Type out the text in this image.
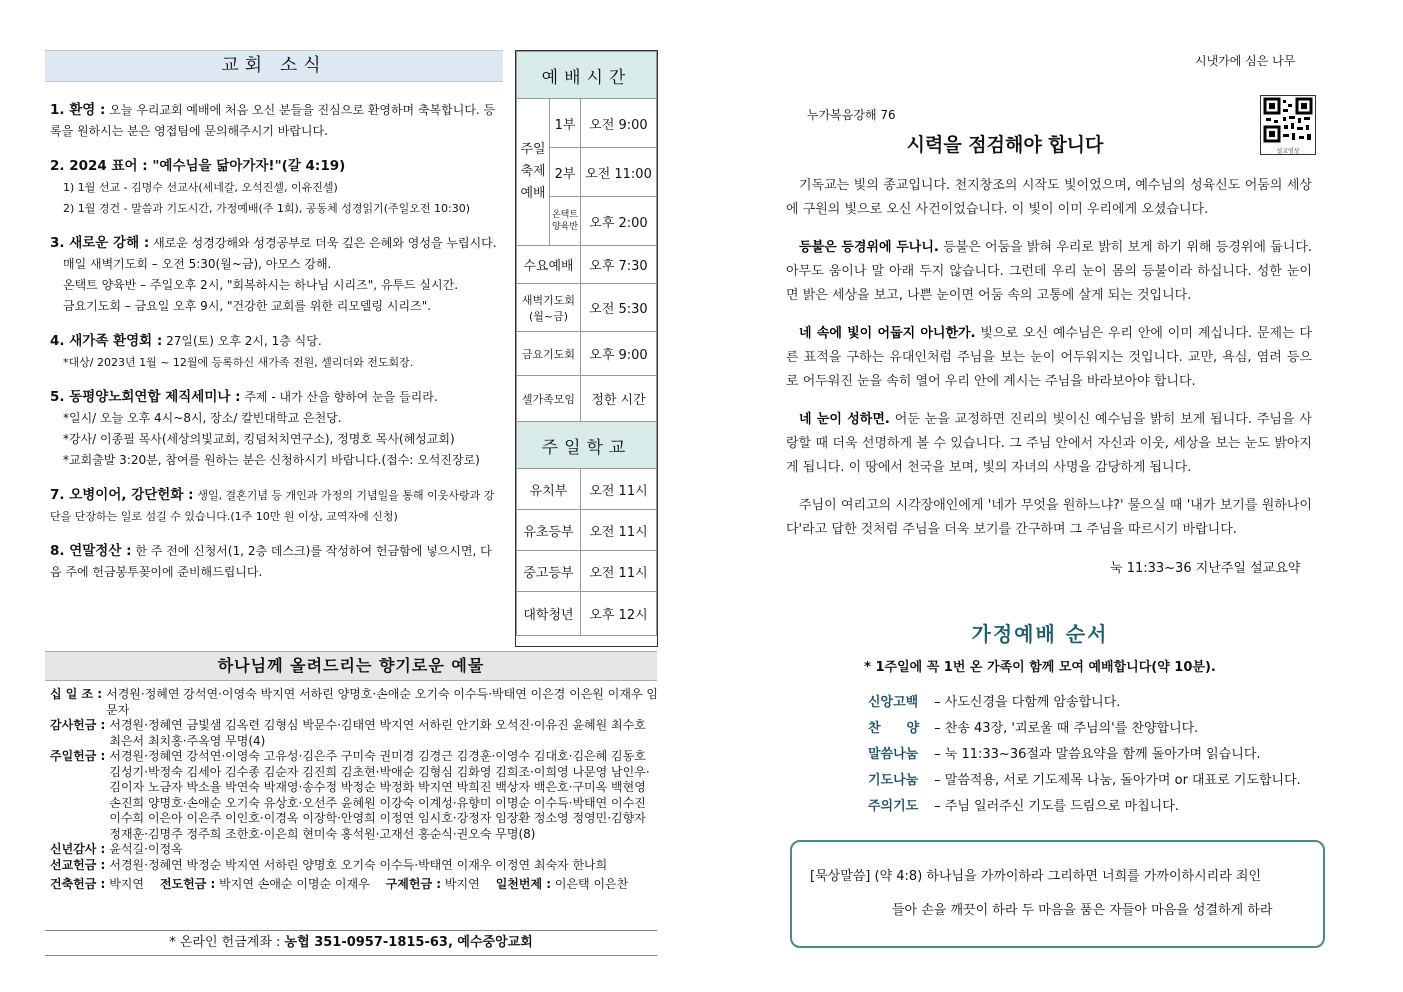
교회 소식
1. 환영 : 오늘 우리교회 예배에 처음 오신 분들을 진심으로 환영하며 축복합니다. 등록을 원하시는 분은 영접팀에 문의해주시기 바랍니다.
2. 2024 표어 : "예수님을 닮아가자!"(갈 4:19)
1) 1월 선교 - 김명수 선교사(세네갈, 오석진셀, 이유진셀)
2) 1월 경건 - 말씀과 기도시간, 가정예배(주 1회), 공동체 성경읽기(주일오전 10:30)
3. 새로운 강해 : 새로운 성경강해와 성경공부로 더욱 깊은 은혜와 영성을 누립시다.
매일 새벽기도회 – 오전 5:30(월~금), 아모스 강해.
온택트 양육반 – 주일오후 2시, "회복하시는 하나님 시리즈", 유투드 실시간.
금요기도회 – 금요일 오후 9시, "건강한 교회를 위한 리모델링 시리즈".
4. 새가족 환영회 : 27일(토) 오후 2시, 1층 식당.
*대상/ 2023년 1월 ~ 12월에 등록하신 새가족 전원, 셀리더와 전도회장.
5. 동평양노회연합 제직세미나 : 주제 - 내가 산을 향하여 눈을 들리라.
*일시/ 오늘 오후 4시~8시, 장소/ 칼빈대학교 은천당.
*강사/ 이종필 목사(세상의빛교회, 킹덤처치연구소), 정명호 목사(혜성교회)
*교회출발 3:20분, 참여를 원하는 분은 신청하시기 바랍니다.(접수: 오석진장로)
7. 오병이어, 강단헌화 : 생일, 결혼기념 등 개인과 가정의 기념일을 통해 이웃사랑과 강단을 단장하는 일로 섬길 수 있습니다.(1주 10만 원 이상, 교역자에 신청)
8. 연말정산 : 한 주 전에 신청서(1, 2층 데스크)를 작성하여 헌금함에 넣으시면, 다음 주에 헌금봉투꽂이에 준비해드립니다.
예배시간		
주일 축제 예배	1부	오전 9:00
	2부	오전 11:00
	온택트 양육반	오후 2:00
수요예배		오후 7:30
새벽기도회 (월~금)		오전 5:30
금요기도회		오후 9:00
셀가족모임		정한 시간
주일학교		
유치부		오전 11시
유초등부		오전 11시
중고등부		오전 11시
대학청년		오후 12시
하나님께 올려드리는 향기로운 예물
십 일 조 : 서경원·정혜연 강석연·이영숙 박지연 서하린 양명호·손애순 오기숙 이수득·박태연 이은경 이은원 이재우 임문자
감사헌금 : 서경원·정혜연 금빛샘 김옥련 김형심 박문수·김태연 박지연 서하린 안기화 오석진·이유진 윤혜원 최수호 최은서 최치홍·주옥영 무명(4)
주일헌금 : 서경원·정혜연 강석연·이영숙 고유성·김은주 구미숙 권미경 김경근 김경훈·이영수 김대호·김은혜 김동호 김성기·박정숙 김세아 김수종 김순자 김진희 김초현·박애순 김형심 김화영 김희조·이희영 나문영 남인우·김이자 노금자 박소율 박연숙 박재영·송수정 박정순 박정화 박지연 박희진 백상자 백은호·구미옥 백현영 손진희 양명호·손애순 오기숙 유상호·오선주 윤혜원 이강숙 이계성·유향미 이명순 이수득·박태연 이수진 이수희 이은아 이은주 이인호·이경옥 이장학·안영희 이정연 임시호·강정자 임장환 정소영 정영민·김향자 정재훈·김명주 정주희 조한호·이은희 현미숙 홍석원·고재선 홍순식·권오숙 무명(8)
신년감사 : 윤석길·이정옥
선교헌금 : 서경원·정혜연 박정순 박지연 서하린 양명호 오기숙 이수득·박태연 이재우 이정연 최숙자 한나희
건축헌금 : 박지연	전도헌금 : 박지연 손애순 이명순 이재우	구제헌금 : 박지연	일천번제 : 이은택 이은찬
* 온라인 헌금계좌 : 농협 351-0957-1815-63, 예수중앙교회
시냇가에 심은 나무
누가복음강해 76
시력을 점검해야 합니다	설교영상

기독교는 빛의 종교입니다. 천지창조의 시작도 빛이었으며, 예수님의 성육신도 어둠의 세상에 구원의 빛으로 오신 사건이었습니다. 이 빛이 이미 우리에게 오셨습니다.

등불은 등경위에 두나니. 등불은 어둠을 밝혀 우리로 밝히 보게 하기 위해 등경위에 둡니다. 아무도 움이나 말 아래 두지 않습니다. 그런데 우리 눈이 몸의 등불이라 하십니다. 성한 눈이면 밝은 세상을 보고, 나쁜 눈이면 어둠 속의 고통에 살게 되는 것입니다.

네 속에 빛이 어둡지 아니한가. 빛으로 오신 예수님은 우리 안에 이미 계십니다. 문제는 다른 표적을 구하는 유대인처럼 주님을 보는 눈이 어두워지는 것입니다. 교만, 욕심, 염려 등으로 어두워진 눈을 속히 열어 우리 안에 계시는 주님을 바라보아야 합니다.

네 눈이 성하면. 어둔 눈을 교정하면 진리의 빛이신 예수님을 밝히 보게 됩니다. 주님을 사랑할 때 더욱 선명하게 볼 수 있습니다. 그 주님 안에서 자신과 이웃, 세상을 보는 눈도 밝아지게 됩니다. 이 땅에서 천국을 보며, 빛의 자녀의 사명을 감당하게 됩니다.

주님이 여리고의 시각장애인에게 '네가 무엇을 원하느냐?' 물으실 때 '내가 보기를 원하나이다'라고 답한 것처럼 주님을 더욱 보기를 간구하며 그 주님을 따르시기 바랍니다.

눅 11:33~36 지난주일 설교요약
가정예배 순서
* 1주일에 꼭 1번 온 가족이 함께 모여 예배합니다(약 10분).
신앙고백 – 사도신경을 다함께 암송합니다.
찬　　양 – 찬송 43장, '괴로울 때 주님의'를 찬양합니다.
말씀나눔 – 눅 11:33~36절과 말씀요약을 함께 돌아가며 읽습니다.
기도나눔 – 말씀적용, 서로 기도제목 나눔, 돌아가며 or 대표로 기도합니다.
주의기도 – 주님 일러주신 기도를 드림으로 마칩니다.
[묵상말씀] (약 4:8) 하나님을 가까이하라 그리하면 너희를 가까이하시리라 죄인
들아 손을 깨끗이 하라 두 마음을 품은 자들아 마음을 성결하게 하라
